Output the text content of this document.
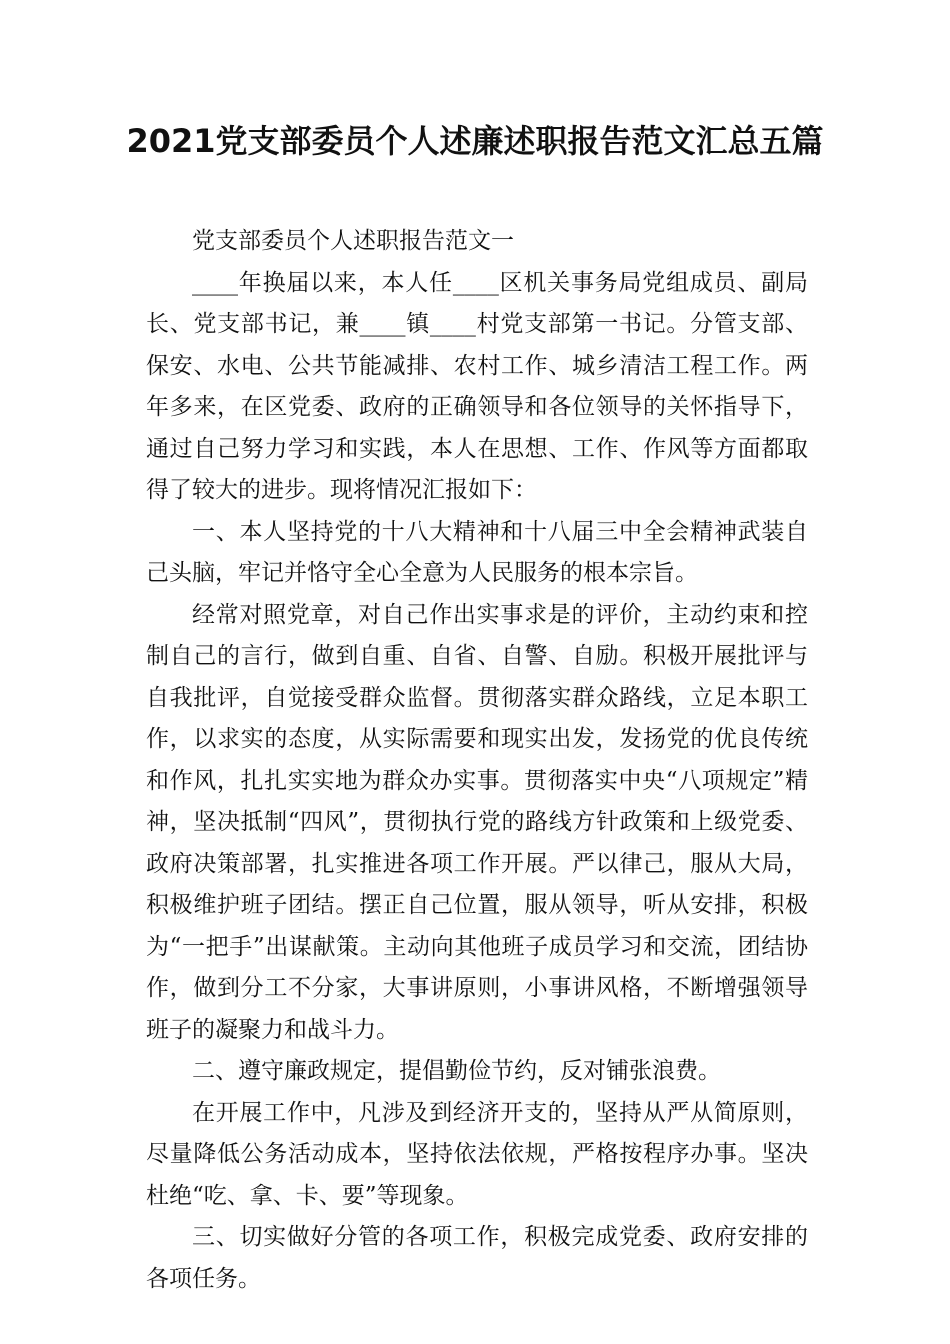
2021党支部委员个人述廉述职报告范文汇总五篇

党支部委员个人述职报告范文一

____年换届以来，本人任____区机关事务局党组成员、副局长、党支部书记，兼____镇____村党支部第一书记。分管支部、保安、水电、公共节能减排、农村工作、城乡清洁工程工作。两年多来，在区党委、政府的正确领导和各位领导的关怀指导下，通过自己努力学习和实践，本人在思想、工作、作风等方面都取得了较大的进步。现将情况汇报如下：

一、本人坚持党的十八大精神和十八届三中全会精神武装自己头脑，牢记并恪守全心全意为人民服务的根本宗旨。

经常对照党章，对自己作出实事求是的评价，主动约束和控制自己的言行，做到自重、自省、自警、自励。积极开展批评与自我批评，自觉接受群众监督。贯彻落实群众路线，立足本职工作，以求实的态度，从实际需要和现实出发，发扬党的优良传统和作风，扎扎实实地为群众办实事。贯彻落实中央“八项规定”精神，坚决抵制“四风”，贯彻执行党的路线方针政策和上级党委、政府决策部署，扎实推进各项工作开展。严以律己，服从大局，积极维护班子团结。摆正自己位置，服从领导，听从安排，积极为“一把手”出谋献策。主动向其他班子成员学习和交流，团结协作，做到分工不分家，大事讲原则，小事讲风格，不断增强领导班子的凝聚力和战斗力。

二、遵守廉政规定，提倡勤俭节约，反对铺张浪费。

在开展工作中，凡涉及到经济开支的，坚持从严从简原则，尽量降低公务活动成本，坚持依法依规，严格按程序办事。坚决杜绝“吃、拿、卡、要”等现象。

三、切实做好分管的各项工作，积极完成党委、政府安排的各项任务。
